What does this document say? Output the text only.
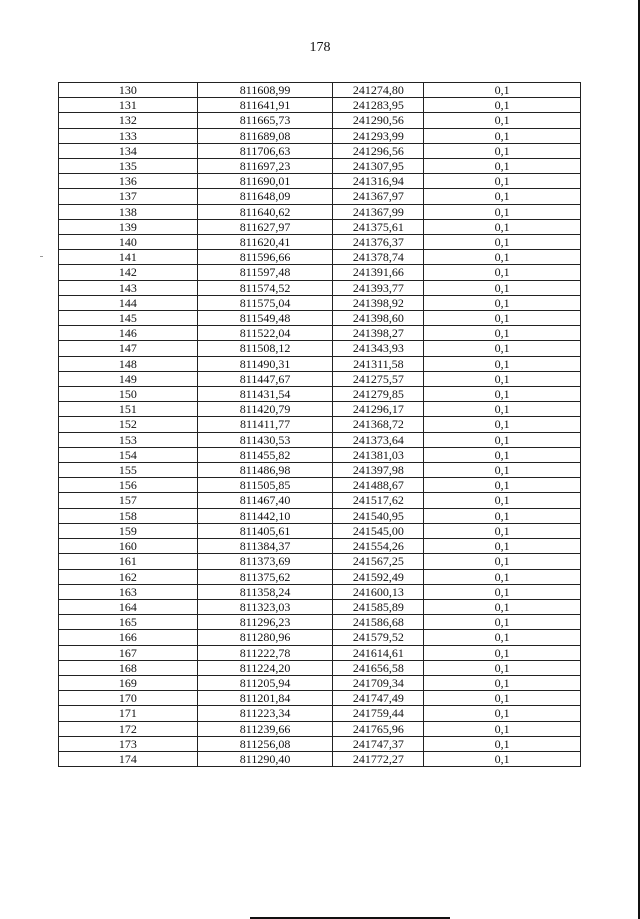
178
130	811608,99	241274,80	0,1
131	811641,91	241283,95	0,1
132	811665,73	241290,56	0,1
133	811689,08	241293,99	0,1
134	811706,63	241296,56	0,1
135	811697,23	241307,95	0,1
136	811690,01	241316,94	0,1
137	811648,09	241367,97	0,1
138	811640,62	241367,99	0,1
139	811627,97	241375,61	0,1
140	811620,41	241376,37	0,1
141	811596,66	241378,74	0,1
142	811597,48	241391,66	0,1
143	811574,52	241393,77	0,1
144	811575,04	241398,92	0,1
145	811549,48	241398,60	0,1
146	811522,04	241398,27	0,1
147	811508,12	241343,93	0,1
148	811490,31	241311,58	0,1
149	811447,67	241275,57	0,1
150	811431,54	241279,85	0,1
151	811420,79	241296,17	0,1
152	811411,77	241368,72	0,1
153	811430,53	241373,64	0,1
154	811455,82	241381,03	0,1
155	811486,98	241397,98	0,1
156	811505,85	241488,67	0,1
157	811467,40	241517,62	0,1
158	811442,10	241540,95	0,1
159	811405,61	241545,00	0,1
160	811384,37	241554,26	0,1
161	811373,69	241567,25	0,1
162	811375,62	241592,49	0,1
163	811358,24	241600,13	0,1
164	811323,03	241585,89	0,1
165	811296,23	241586,68	0,1
166	811280,96	241579,52	0,1
167	811222,78	241614,61	0,1
168	811224,20	241656,58	0,1
169	811205,94	241709,34	0,1
170	811201,84	241747,49	0,1
171	811223,34	241759,44	0,1
172	811239,66	241765,96	0,1
173	811256,08	241747,37	0,1
174	811290,40	241772,27	0,1
